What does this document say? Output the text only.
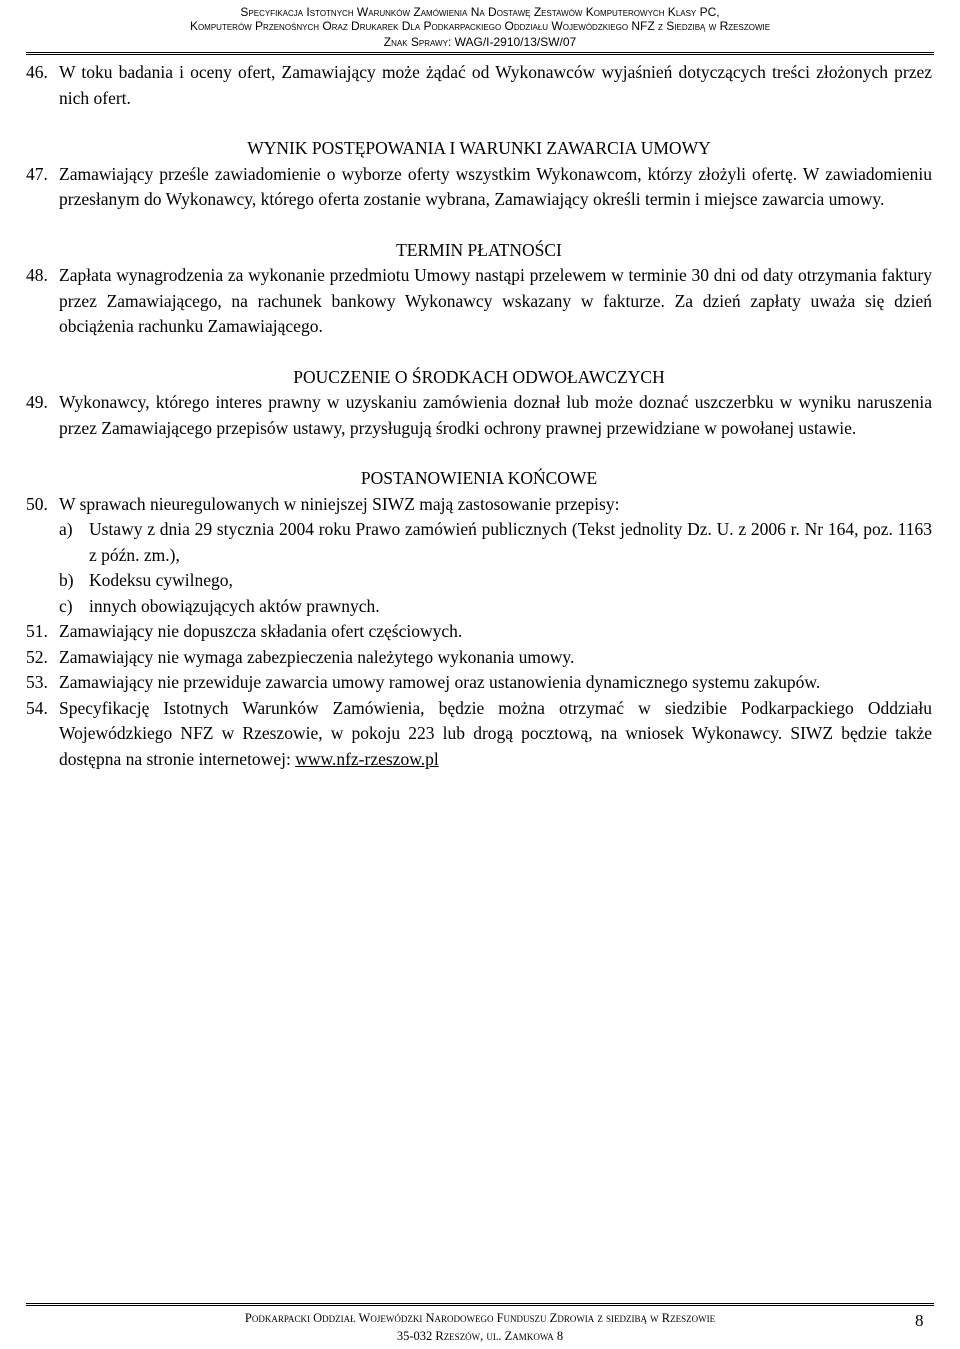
Specyfikacja Istotnych Warunków Zamówienia Na Dostawę Zestawów Komputerowych Klasy PC,
Komputerów Przenośnych Oraz Drukarek Dla Podkarpackiego Oddziału Wojewódzkiego NFZ z Siedzibą w Rzeszowie
Znak Sprawy: WAG/I-2910/13/SW/07
46. W toku badania i oceny ofert, Zamawiający może żądać od Wykonawców wyjaśnień dotyczących treści złożonych przez nich ofert.
WYNIK POSTĘPOWANIA I WARUNKI ZAWARCIA UMOWY
47. Zamawiający prześle zawiadomienie o wyborze oferty wszystkim Wykonawcom, którzy złożyli ofertę. W zawiadomieniu przesłanym do Wykonawcy, którego oferta zostanie wybrana, Zamawiający określi termin i miejsce zawarcia umowy.
TERMIN PŁATNOŚCI
48. Zapłata wynagrodzenia za wykonanie przedmiotu Umowy nastąpi przelewem w terminie 30 dni od daty otrzymania faktury przez Zamawiającego, na rachunek bankowy Wykonawcy wskazany w fakturze. Za dzień zapłaty uważa się dzień obciążenia rachunku Zamawiającego.
POUCZENIE O ŚRODKACH ODWOŁAWCZYCH
49. Wykonawcy, którego interes prawny w uzyskaniu zamówienia doznał lub może doznać uszczerbku w wyniku naruszenia przez Zamawiającego przepisów ustawy, przysługują środki ochrony prawnej przewidziane w powołanej ustawie.
POSTANOWIENIA KOŃCOWE
50. W sprawach nieuregulowanych w niniejszej SIWZ mają zastosowanie przepisy:
a) Ustawy z dnia 29 stycznia 2004 roku Prawo zamówień publicznych (Tekst jednolity Dz. U. z 2006 r. Nr 164, poz. 1163 z późn. zm.),
b) Kodeksu cywilnego,
c) innych obowiązujących aktów prawnych.
51. Zamawiający nie dopuszcza składania ofert częściowych.
52. Zamawiający nie wymaga zabezpieczenia należytego wykonania umowy.
53. Zamawiający nie przewiduje zawarcia umowy ramowej oraz ustanowienia dynamicznego systemu zakupów.
54. Specyfikację Istotnych Warunków Zamówienia, będzie można otrzymać w siedzibie Podkarpackiego Oddziału Wojewódzkiego NFZ w Rzeszowie, w pokoju 223 lub drogą pocztową, na wniosek Wykonawcy. SIWZ będzie także dostępna na stronie internetowej: www.nfz-rzeszow.pl
Podkarpacki Oddział Wojewódzki Narodowego Funduszu Zdrowia z siedzibą w Rzeszowie
35-032 Rzeszów, ul. Zamkowa 8
8
